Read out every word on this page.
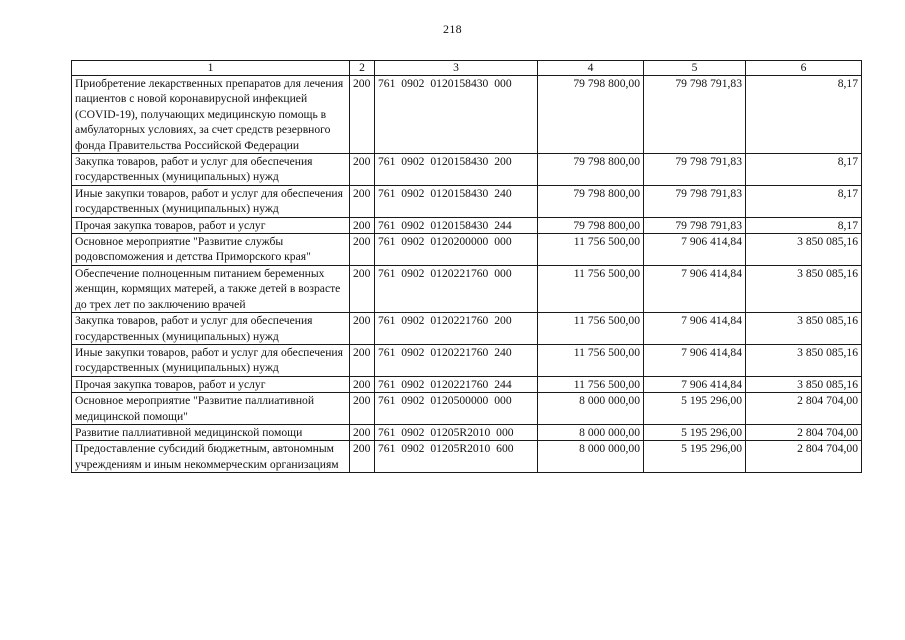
218
1	2	3	4	5	6
Приобретение лекарственных препаратов для лечения пациентов с новой коронавирусной инфекцией (COVID-19), получающих медицинскую помощь в амбулаторных условиях, за счет средств резервного фонда Правительства Российской Федерации	200	761 0902 0120158430 000	79 798 800,00	79 798 791,83	8,17
Закупка товаров, работ и услуг для обеспечения государственных (муниципальных) нужд	200	761 0902 0120158430 200	79 798 800,00	79 798 791,83	8,17
Иные закупки товаров, работ и услуг для обеспечения государственных (муниципальных) нужд	200	761 0902 0120158430 240	79 798 800,00	79 798 791,83	8,17
Прочая закупка товаров, работ и услуг	200	761 0902 0120158430 244	79 798 800,00	79 798 791,83	8,17
Основное мероприятие "Развитие службы родовспоможения и детства Приморского края"	200	761 0902 0120200000 000	11 756 500,00	7 906 414,84	3 850 085,16
Обеспечение полноценным питанием беременных женщин, кормящих матерей, а также детей в возрасте до трех лет по заключению врачей	200	761 0902 0120221760 000	11 756 500,00	7 906 414,84	3 850 085,16
Закупка товаров, работ и услуг для обеспечения государственных (муниципальных) нужд	200	761 0902 0120221760 200	11 756 500,00	7 906 414,84	3 850 085,16
Иные закупки товаров, работ и услуг для обеспечения государственных (муниципальных) нужд	200	761 0902 0120221760 240	11 756 500,00	7 906 414,84	3 850 085,16
Прочая закупка товаров, работ и услуг	200	761 0902 0120221760 244	11 756 500,00	7 906 414,84	3 850 085,16
Основное мероприятие "Развитие паллиативной медицинской помощи"	200	761 0902 0120500000 000	8 000 000,00	5 195 296,00	2 804 704,00
Развитие паллиативной медицинской помощи	200	761 0902 01205R2010 000	8 000 000,00	5 195 296,00	2 804 704,00
Предоставление субсидий бюджетным, автономным учреждениям и иным некоммерческим организациям	200	761 0902 01205R2010 600	8 000 000,00	5 195 296,00	2 804 704,00
